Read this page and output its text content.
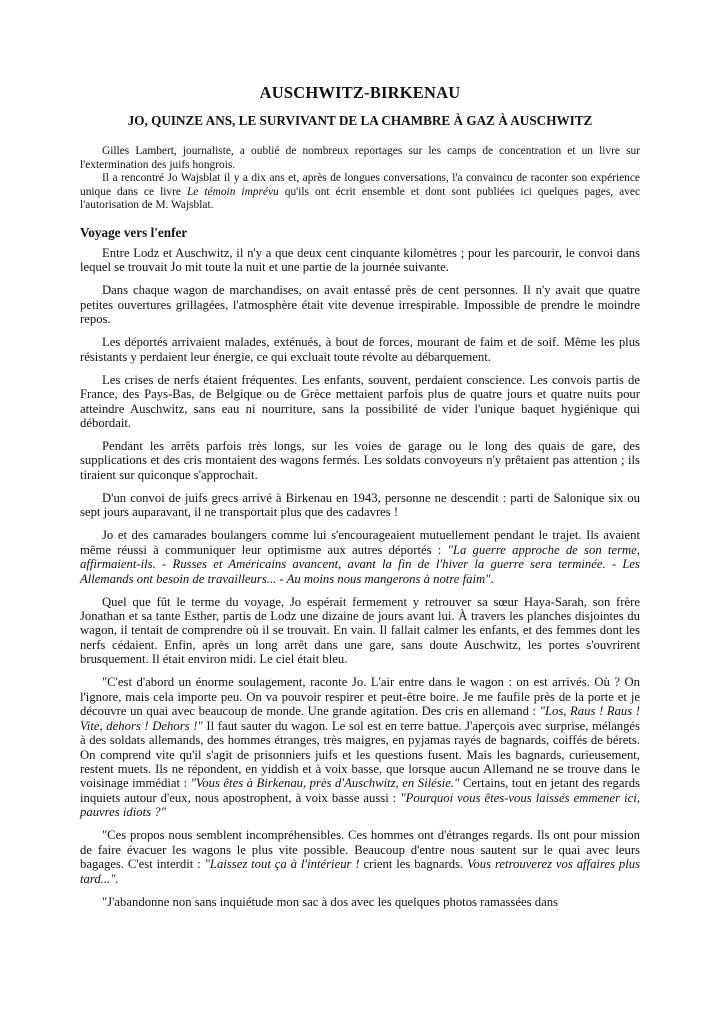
AUSCHWITZ-BIRKENAU
JO, QUINZE ANS, LE SURVIVANT DE LA CHAMBRE À GAZ À AUSCHWITZ

Gilles Lambert, journaliste, a oublié de nombreux reportages sur les camps de concentration et un livre sur l'extermination des juifs hongrois.

Il a rencontré Jo Wajsblat il y a dix ans et, après de longues conversations, l'a convaincu de raconter son expérience unique dans ce livre Le témoin imprévu qu'ils ont écrit ensemble et dont sont publiées ici quelques pages, avec l'autorisation de M. Wajsblat.

Voyage vers l'enfer

Entre Lodz et Auschwitz, il n'y a que deux cent cinquante kilomètres ; pour les parcourir, le convoi dans lequel se trouvait Jo mit toute la nuit et une partie de la journée suivante.

Dans chaque wagon de marchandises, on avait entassé près de cent personnes. Il n'y avait que quatre petites ouvertures grillagées, l'atmosphère était vite devenue irrespirable. Impossible de prendre le moindre repos.

Les déportés arrivaient malades, exténués, à bout de forces, mourant de faim et de soif. Même les plus résistants y perdaient leur énergie, ce qui excluait toute révolte au débarquement.

Les crises de nerfs étaient fréquentes. Les enfants, souvent, perdaient conscience. Les convois partis de France, des Pays-Bas, de Belgique ou de Grèce mettaient parfois plus de quatre jours et quatre nuits pour atteindre Auschwitz, sans eau ni nourriture, sans la possibilité de vider l'unique baquet hygiénique qui débordait.

Pendant les arrêts parfois très longs, sur les voies de garage ou le long des quais de gare, des supplications et des cris montaient des wagons fermés. Les soldats convoyeurs n'y prêtaient pas attention ; ils tiraient sur quiconque s'approchait.

D'un convoi de juifs grecs arrivé à Birkenau en 1943, personne ne descendit : parti de Salonique six ou sept jours auparavant, il ne transportait plus que des cadavres !

Jo et des camarades boulangers comme lui s'encourageaient mutuellement pendant le trajet. Ils avaient même réussi à communiquer leur optimisme aux autres déportés : "La guerre approche de son terme, affirmaient-ils. - Russes et Américains avancent, avant la fin de l'hiver la guerre sera terminée. - Les Allemands ont besoin de travailleurs... - Au moins nous mangerons à notre faim".

Quel que fût le terme du voyage, Jo espérait fermement y retrouver sa sœur Haya-Sarah, son frère Jonathan et sa tante Esther, partis de Lodz une dizaine de jours avant lui. À travers les planches disjointes du wagon, il tentait de comprendre où il se trouvait. En vain. Il fallait calmer les enfants, et des femmes dont les nerfs cédaient. Enfin, après un long arrêt dans une gare, sans doute Auschwitz, les portes s'ouvrirent brusquement. Il était environ midi. Le ciel était bleu.

"C'est d'abord un énorme soulagement, raconte Jo. L'air entre dans le wagon : on est arrivés. Où ? On l'ignore, mais cela importe peu. On va pouvoir respirer et peut-être boire. Je me faufile près de la porte et je découvre un quai avec beaucoup de monde. Une grande agitation. Des cris en allemand : "Los, Raus ! Raus ! Vite, dehors ! Dehors !" Il faut sauter du wagon. Le sol est en terre battue. J'aperçois avec surprise, mélangés à des soldats allemands, des hommes étranges, très maigres, en pyjamas rayés de bagnards, coiffés de bérets. On comprend vite qu'il s'agit de prisonniers juifs et les questions fusent. Mais les bagnards, curieusement, restent muets. Ils ne répondent, en yiddish et à voix basse, que lorsque aucun Allemand ne se trouve dans le voisinage immédiat : "Vous êtes à Birkenau, près d'Auschwitz, en Silésie." Certains, tout en jetant des regards inquiets autour d'eux, nous apostrophent, à voix basse aussi : "Pourquoi vous êtes-vous laissés emmener ici, pauvres idiots ?"

"Ces propos nous semblent incompréhensibles. Ces hommes ont d'étranges regards. Ils ont pour mission de faire évacuer les wagons le plus vite possible. Beaucoup d'entre nous sautent sur le quai avec leurs bagages. C'est interdit : "Laissez tout ça à l'intérieur ! crient les bagnards. Vous retrouverez vos affaires plus tard...".

"J'abandonne non sans inquiétude mon sac à dos avec les quelques photos ramassées dans
